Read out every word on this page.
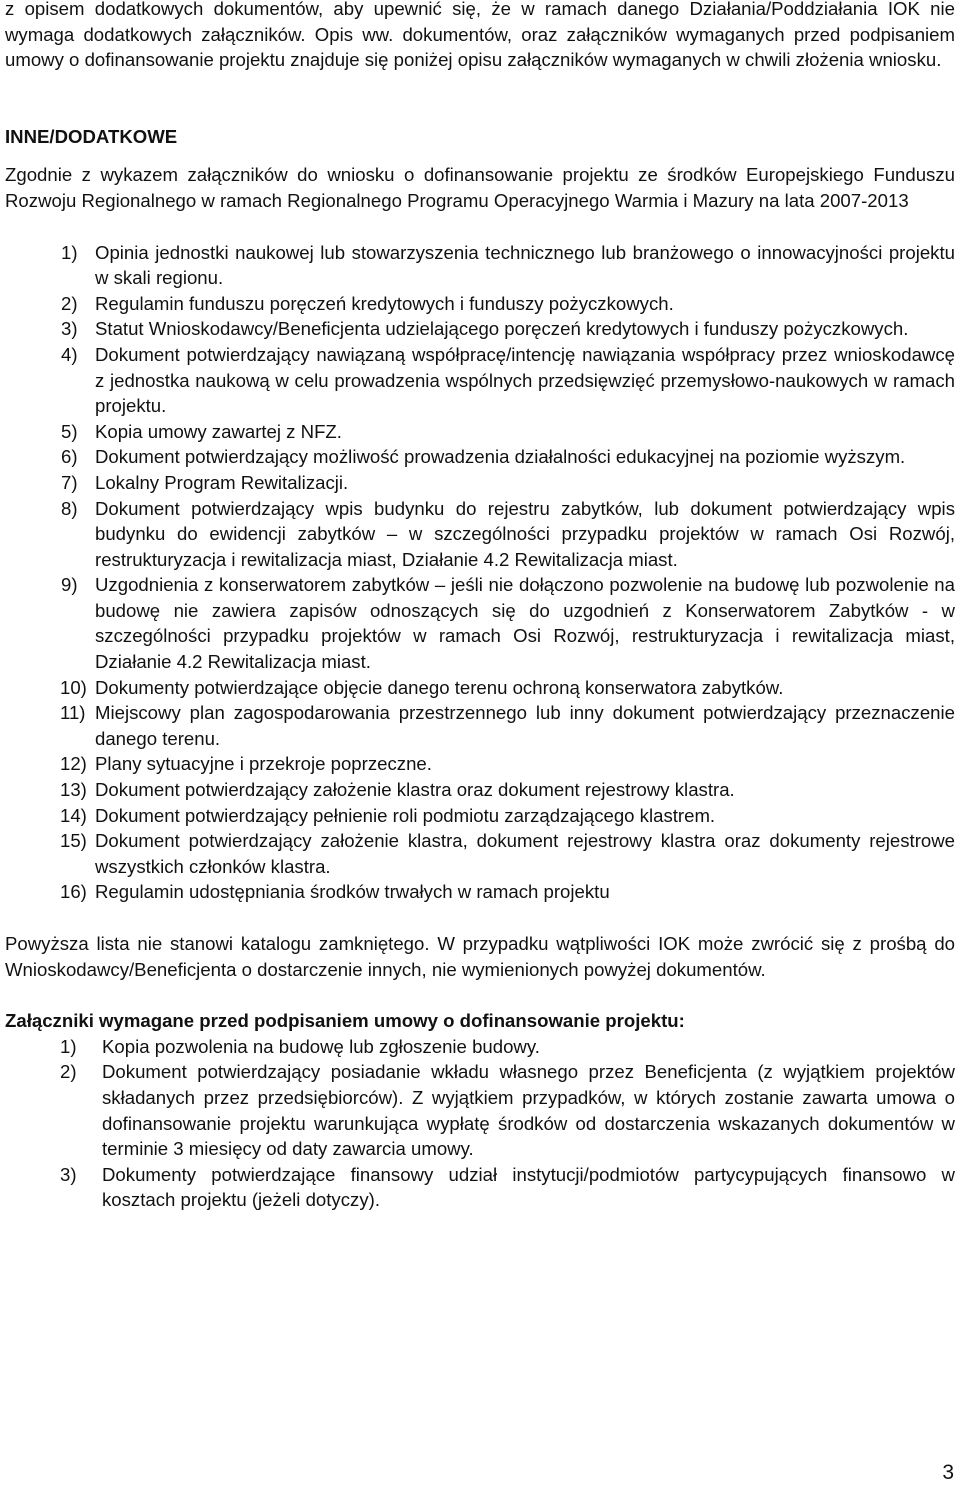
z opisem dodatkowych dokumentów, aby upewnić się, że w ramach danego Działania/Poddziałania IOK nie wymaga dodatkowych załączników. Opis ww. dokumentów, oraz załączników wymaganych przed podpisaniem umowy o dofinansowanie projektu znajduje się poniżej opisu załączników wymaganych w chwili złożenia wniosku.

INNE/DODATKOWE

Zgodnie z wykazem załączników do wniosku o dofinansowanie projektu ze środków Europejskiego Funduszu Rozwoju Regionalnego w ramach Regionalnego Programu Operacyjnego Warmia i Mazury na lata 2007-2013

1) Opinia jednostki naukowej lub stowarzyszenia technicznego lub branżowego o innowacyjności projektu w skali regionu.
2) Regulamin funduszu poręczeń kredytowych i funduszy pożyczkowych.
3) Statut Wnioskodawcy/Beneficjenta udzielającego poręczeń kredytowych i funduszy pożyczkowych.
4) Dokument potwierdzający nawiązaną współpracę/intencję nawiązania współpracy przez wnioskodawcę z jednostka naukową w celu prowadzenia wspólnych przedsięwzięć przemysłowo-naukowych w ramach projektu.
5) Kopia umowy zawartej z NFZ.
6) Dokument potwierdzający możliwość prowadzenia działalności edukacyjnej na poziomie wyższym.
7) Lokalny Program Rewitalizacji.
8) Dokument potwierdzający wpis budynku do rejestru zabytków, lub dokument potwierdzający wpis budynku do ewidencji zabytków – w szczególności przypadku projektów w ramach Osi Rozwój, restrukturyzacja i rewitalizacja miast, Działanie 4.2 Rewitalizacja miast.
9) Uzgodnienia z konserwatorem zabytków – jeśli nie dołączono pozwolenie na budowę lub pozwolenie na budowę nie zawiera zapisów odnoszących się do uzgodnień z Konserwatorem Zabytków - w szczególności przypadku projektów w ramach Osi Rozwój, restrukturyzacja i rewitalizacja miast, Działanie 4.2 Rewitalizacja miast.
10) Dokumenty potwierdzające objęcie danego terenu ochroną konserwatora zabytków.
11) Miejscowy plan zagospodarowania przestrzennego lub inny dokument potwierdzający przeznaczenie danego terenu.
12) Plany sytuacyjne i przekroje poprzeczne.
13) Dokument potwierdzający założenie klastra oraz dokument rejestrowy klastra.
14) Dokument potwierdzający pełnienie roli podmiotu zarządzającego klastrem.
15) Dokument potwierdzający założenie klastra, dokument rejestrowy klastra oraz dokumenty rejestrowe wszystkich członków klastra.
16) Regulamin udostępniania środków trwałych w ramach projektu

Powyższa lista nie stanowi katalogu zamkniętego. W przypadku wątpliwości IOK może zwrócić się z prośbą do Wnioskodawcy/Beneficjenta o dostarczenie innych, nie wymienionych powyżej dokumentów.

Załączniki wymagane przed podpisaniem umowy o dofinansowanie projektu:

1) Kopia pozwolenia na budowę lub zgłoszenie budowy.
2) Dokument potwierdzający posiadanie wkładu własnego przez Beneficjenta (z wyjątkiem projektów składanych przez przedsiębiorców). Z wyjątkiem przypadków, w których zostanie zawarta umowa o dofinansowanie projektu warunkująca wypłatę środków od dostarczenia wskazanych dokumentów w terminie 3 miesięcy od daty zawarcia umowy.
3) Dokumenty potwierdzające finansowy udział instytucji/podmiotów partycypujących finansowo w kosztach projektu (jeżeli dotyczy).
3
